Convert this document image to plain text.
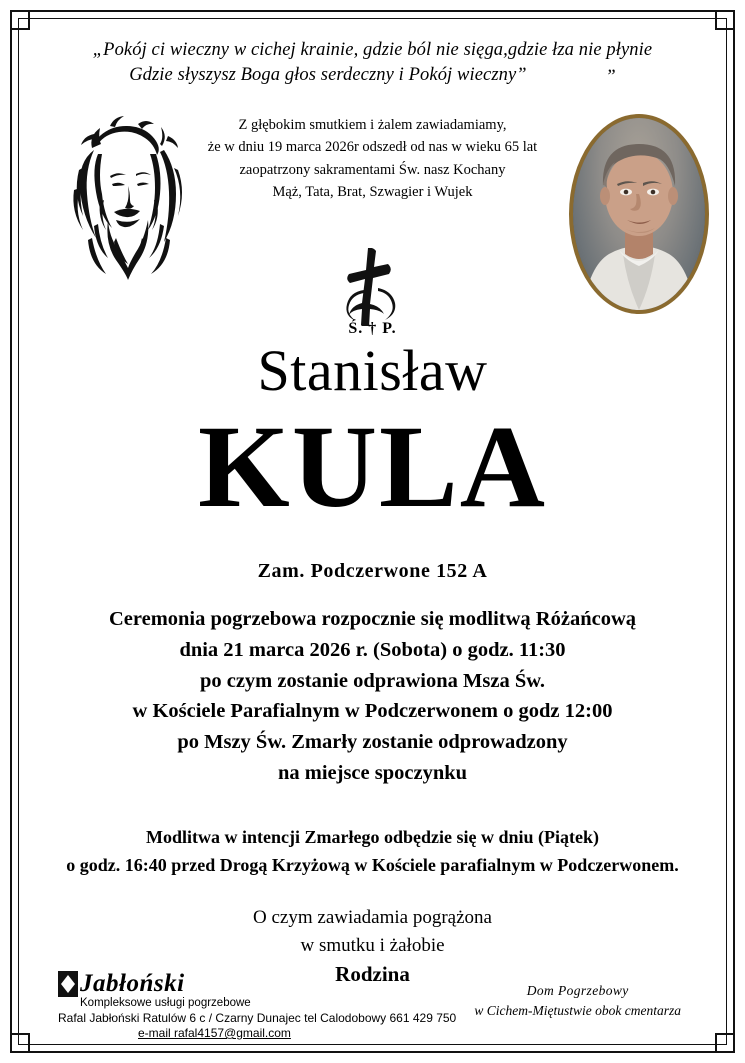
„Pokój ci wieczny w cichej krainie, gdzie ból nie sięga,gdzie łza nie płynie
Gdzie słyszysz Boga głos serdeczny i Pokój wieczny”	”
Z głębokim smutkiem i żalem zawiadamiamy,
że w dniu 19 marca 2026r odszedł od nas w wieku 65 lat
zaopatrzony sakramentami Św. nasz Kochany
Mąż, Tata, Brat, Szwagier i Wujek
Ś. † P.
Stanisław
KULA
Zam. Podczerwone 152 A
Ceremonia pogrzebowa rozpocznie się modlitwą Różańcową
dnia 21 marca 2026 r. (Sobota) o godz. 11:30
po czym zostanie odprawiona Msza Św.
w Kościele Parafialnym w Podczerwonem o godz 12:00
po Mszy Św. Zmarły zostanie odprowadzony
na miejsce spoczynku
Modlitwa w intencji Zmarłego odbędzie się w dniu (Piątek)
o godz. 16:40 przed Drogą Krzyżową w Kościele parafialnym w Podczerwonem.
O czym zawiadamia pogrążona
w smutku i żałobie
Rodzina
Jabłoński
Kompleksowe usługi pogrzebowe
Rafal Jabłoński Ratulów 6 c / Czarny Dunajec tel Calodobowy 661 429 750
e-mail rafal4157@gmail.com
Dom Pogrzebowy
w Cichem-Miętustwie obok cmentarza
